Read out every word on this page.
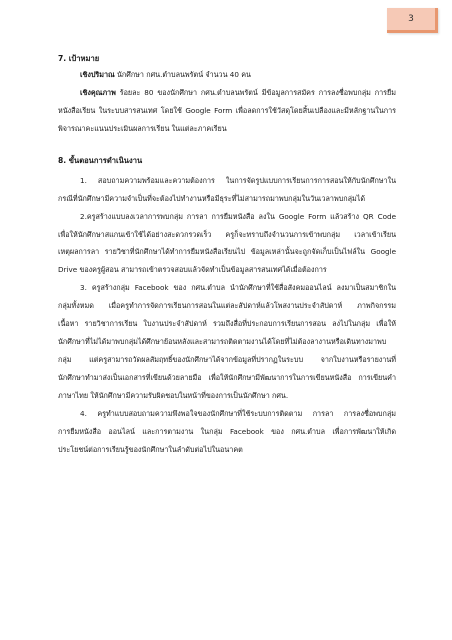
3
7. เป้าหมาย
เชิงปริมาณ นักศึกษา กศน.ตำบลนพรัตน์ จำนวน 40 คน
เชิงคุณภาพ ร้อยละ 80 ของนักศึกษา กศน.ตำบลนพรัตน์ มีข้อมูลการสมัคร การลงชื่อพบกลุ่ม การยืม
หนังสือเรียน ในระบบสารสนเทศ โดยใช้ Google Form เพื่อลดการใช้วัสดุโดยสิ้นเปลืองและมีหลักฐานในการ
พิจารณาคะแนนประเมินผลการเรียน ในแต่ละภาคเรียน
8. ขั้นตอนการดำเนินงาน
1. สอบถามความพร้อมและความต้องการ ในการจัดรูปแบบการเรียนการการสอนให้กับนักศึกษาใน
กรณีที่นักศึกษามีความจำเป็นที่จะต้องไปทำงานหรือมีธุระที่ไม่สามารถมาพบกลุ่มในวันเวลาพบกลุ่มได้
2.ครูสร้างแบบลงเวลาการพบกลุ่ม การลา การยืมหนังสือ ลงใน Google Form แล้วสร้าง QR Code
เพื่อให้นักศึกษาสแกนเข้าใช้ได้อย่างสะดวกรวดเร็ว ครูก็จะทราบถึงจำนวนการเข้าพบกลุ่ม เวลาเข้าเรียน
เหตุผลการลา รายวิชาที่นักศึกษาได้ทำการยืมหนังสือเรียนไป ข้อมูลเหล่านั้นจะถูกจัดเก็บเป็นไฟล์ใน Google
Drive ของครูผู้สอน สามารถเข้าตรวจสอบแล้วจัดทำเป็นข้อมูลสารสนเทศได้เมื่อต้องการ
3. ครูสร้างกลุ่ม Facebook ของ กศน.ตำบล นำนักศึกษาที่ใช้สื่อสังคมออนไลน์ ลงมาเป็นสมาชิกใน
กลุ่มทั้งหมด เมื่อครูทำการจัดการเรียนการสอนในแต่ละสัปดาห์แล้วโพสงานประจำสัปดาห์ ภาพกิจกรรม
เนื้อหา รายวิชาการเรียน ใบงานประจำสัปดาห์ รวมถึงสื่อที่ประกอบการเรียนการสอน ลงไปในกลุ่ม เพื่อให้
นักศึกษาที่ไม่ได้มาพบกลุ่มได้ศึกษาย้อนหลังและสามารถติดตามงานได้โดยที่ไม่ต้องลางานหรือเดินทางมาพบ
กลุ่ม แต่ครูสามารถวัดผลสัมฤทธิ์ของนักศึกษาได้จากข้อมูลที่ปรากฏในระบบ จากใบงานหรือรายงานที่
นักศึกษาทำมาส่งเป็นเอกสารที่เขียนด้วยลายมือ เพื่อให้นักศึกษามีพัฒนาการในการเขียนหนังสือ การเขียนคำ
ภาษาไทย ให้นักศึกษามีความรับผิดชอบในหน้าที่ของการเป็นนักศึกษา กศน.
4. ครูทำแบบสอบถามความพึงพอใจของนักศึกษาที่ใช้ระบบการติดตาม การลา การลงชื่อพบกลุ่ม
การยืมหนังสือ ออนไลน์ และการตามงาน ในกลุ่ม Facebook ของ กศน.ตำบล เพื่อการพัฒนาให้เกิด
ประโยชน์ต่อการเรียนรู้ของนักศึกษาในลำดับต่อไปในอนาคต
